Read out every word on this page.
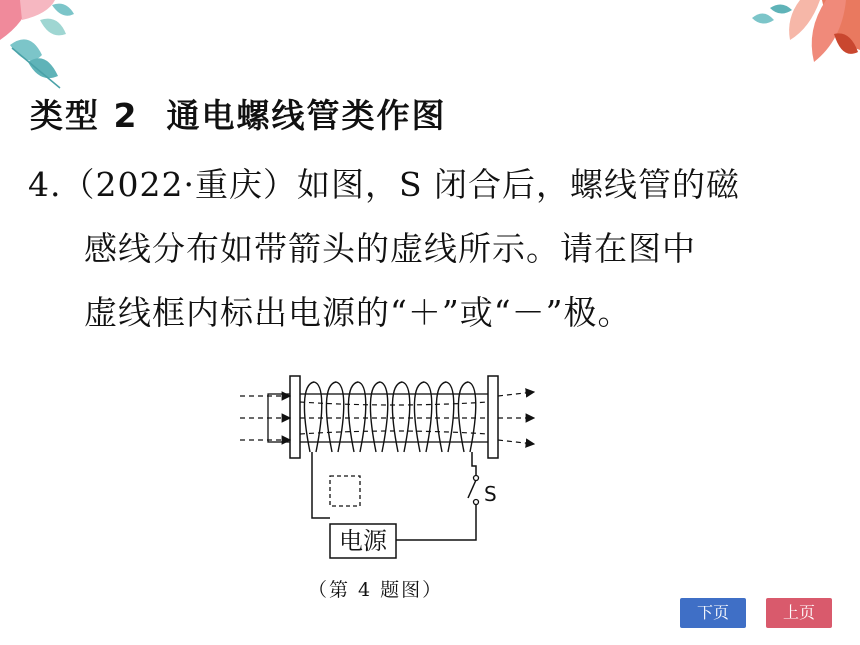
类型 2 通电螺线管类作图
4.（2022·重庆）如图，S 闭合后，螺线管的磁
感线分布如带箭头的虚线所示。请在图中
虚线框内标出电源的“＋”或“－”极。
电源
S
（第 4 题图）
下页	上页
